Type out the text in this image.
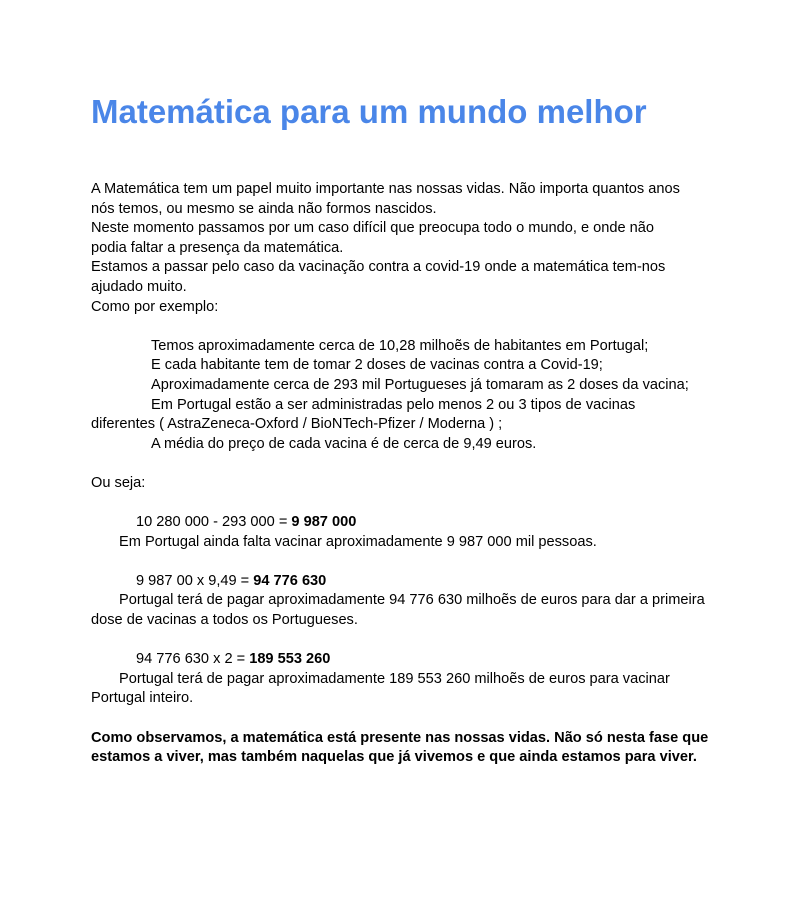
Matemática para um mundo melhor

A Matemática tem um papel muito importante nas nossas vidas. Não importa quantos anos

nós temos, ou mesmo se ainda não formos nascidos.

Neste momento passamos por um caso difícil que preocupa todo o mundo, e onde não

podia faltar a presença da matemática.

Estamos a passar pelo caso da vacinação contra a covid-19 onde a matemática tem-nos

ajudado muito.

Como por exemplo:

Temos aproximadamente cerca de 10,28 milhoẽs de habitantes em Portugal;

E cada habitante tem de tomar 2 doses de vacinas contra a Covid-19;

Aproximadamente cerca de 293 mil Portugueses já tomaram as 2 doses da vacina;

Em Portugal estão a ser administradas pelo menos 2 ou 3 tipos de vacinas

diferentes ( AstraZeneca-Oxford / BioNTech-Pfizer / Moderna ) ;

A média do preço de cada vacina é de cerca de 9,49 euros.

Ou seja:

10 280 000 - 293 000 = 9 987 000

Em Portugal ainda falta vacinar aproximadamente 9 987 000 mil pessoas.

9 987 00 x 9,49 = 94 776 630

Portugal terá de pagar aproximadamente 94 776 630 milhoẽs de euros para dar a primeira dose de vacinas a todos os Portugueses.

94 776 630 x 2 = 189 553 260

Portugal terá de pagar aproximadamente 189 553 260 milhoẽs de euros para vacinar Portugal inteiro.

Como observamos, a matemática está presente nas nossas vidas. Não só nesta fase que estamos a viver, mas também naquelas que já vivemos e que ainda estamos para viver.
